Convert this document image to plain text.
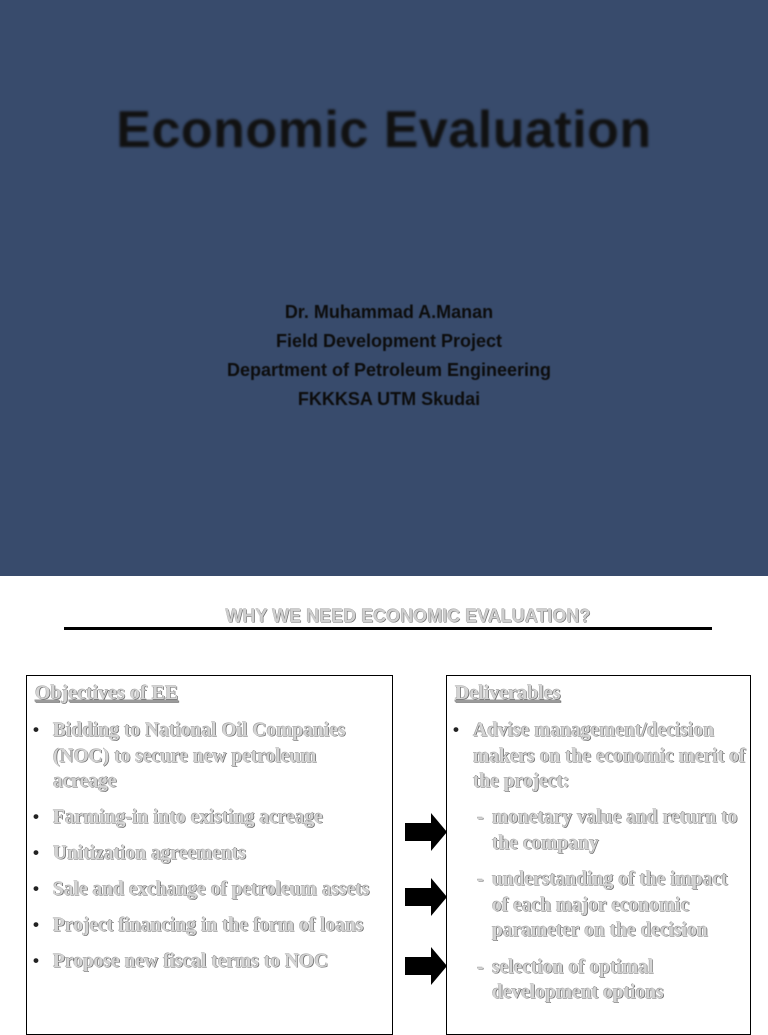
Economic Evaluation
Dr. Muhammad A.Manan
Field Development Project
Department of Petroleum Engineering
FKKKSA UTM Skudai
WHY WE NEED ECONOMIC EVALUATION?
Objectives of EE
• Bidding to National Oil Companies (NOC) to secure new petroleum acreage
• Farming-in into existing acreage
• Unitization agreements
• Sale and exchange of petroleum assets
• Project financing in the form of loans
• Propose new fiscal terms to NOC
Deliverables
• Advise management/decision makers on the economic merit of the project:
- monetary value and return to the company
- understanding of the impact of each major economic parameter on the decision
- selection of optimal development options
